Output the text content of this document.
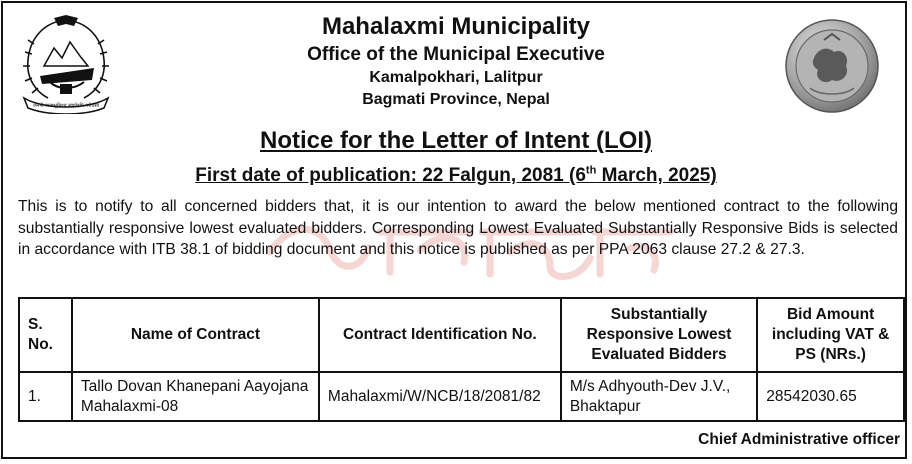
जननी जन्मभूमिश्च स्वर्गादपि गरीयसी
Mahalaxmi Municipality
Office of the Municipal Executive
Kamalpokhari, Lalitpur
Bagmati Province, Nepal
Notice for the Letter of Intent (LOI)
First date of publication: 22 Falgun, 2081 (6th March, 2025)
This is to notify to all concerned bidders that, it is our intention to award the below mentioned contract to the following substantially responsive lowest evaluated bidders. Corresponding Lowest Evaluated Substantially Responsive Bids is selected in accordance with ITB 38.1 of bidding document and this notice is published as per PPA 2063 clause 27.2 & 27.3.
S. No.	Name of Contract	Contract Identification No.	Substantially Responsive Lowest Evaluated Bidders	Bid Amount including VAT & PS (NRs.)
1.	Tallo Dovan Khanepani Aayojana Mahalaxmi-08	Mahalaxmi/W/NCB/18/2081/82	M/s Adhyouth-Dev J.V., Bhaktapur	28542030.65
Chief Administrative officer
